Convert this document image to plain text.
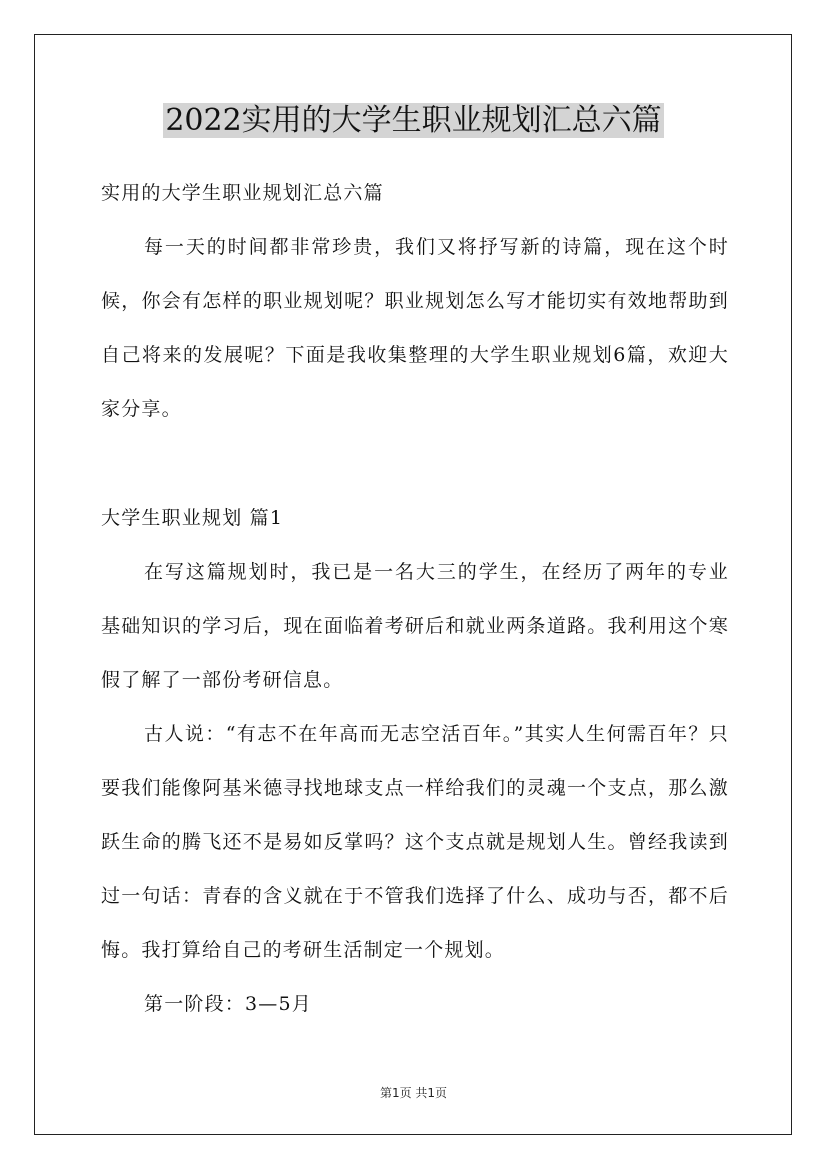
2022实用的大学生职业规划汇总六篇

实用的大学生职业规划汇总六篇

每一天的时间都非常珍贵，我们又将抒写新的诗篇，现在这个时候，你会有怎样的职业规划呢？职业规划怎么写才能切实有效地帮助到自己将来的发展呢？下面是我收集整理的大学生职业规划6篇，欢迎大家分享。

大学生职业规划 篇1

在写这篇规划时，我已是一名大三的学生，在经历了两年的专业基础知识的学习后，现在面临着考研后和就业两条道路。我利用这个寒假了解了一部份考研信息。

古人说：“有志不在年高而无志空活百年。”其实人生何需百年？只要我们能像阿基米德寻找地球支点一样给我们的灵魂一个支点，那么激跃生命的腾飞还不是易如反掌吗？这个支点就是规划人生。曾经我读到过一句话：青春的含义就在于不管我们选择了什么、成功与否，都不后悔。我打算给自己的考研生活制定一个规划。

第一阶段：3—5月

第1页 共1页
